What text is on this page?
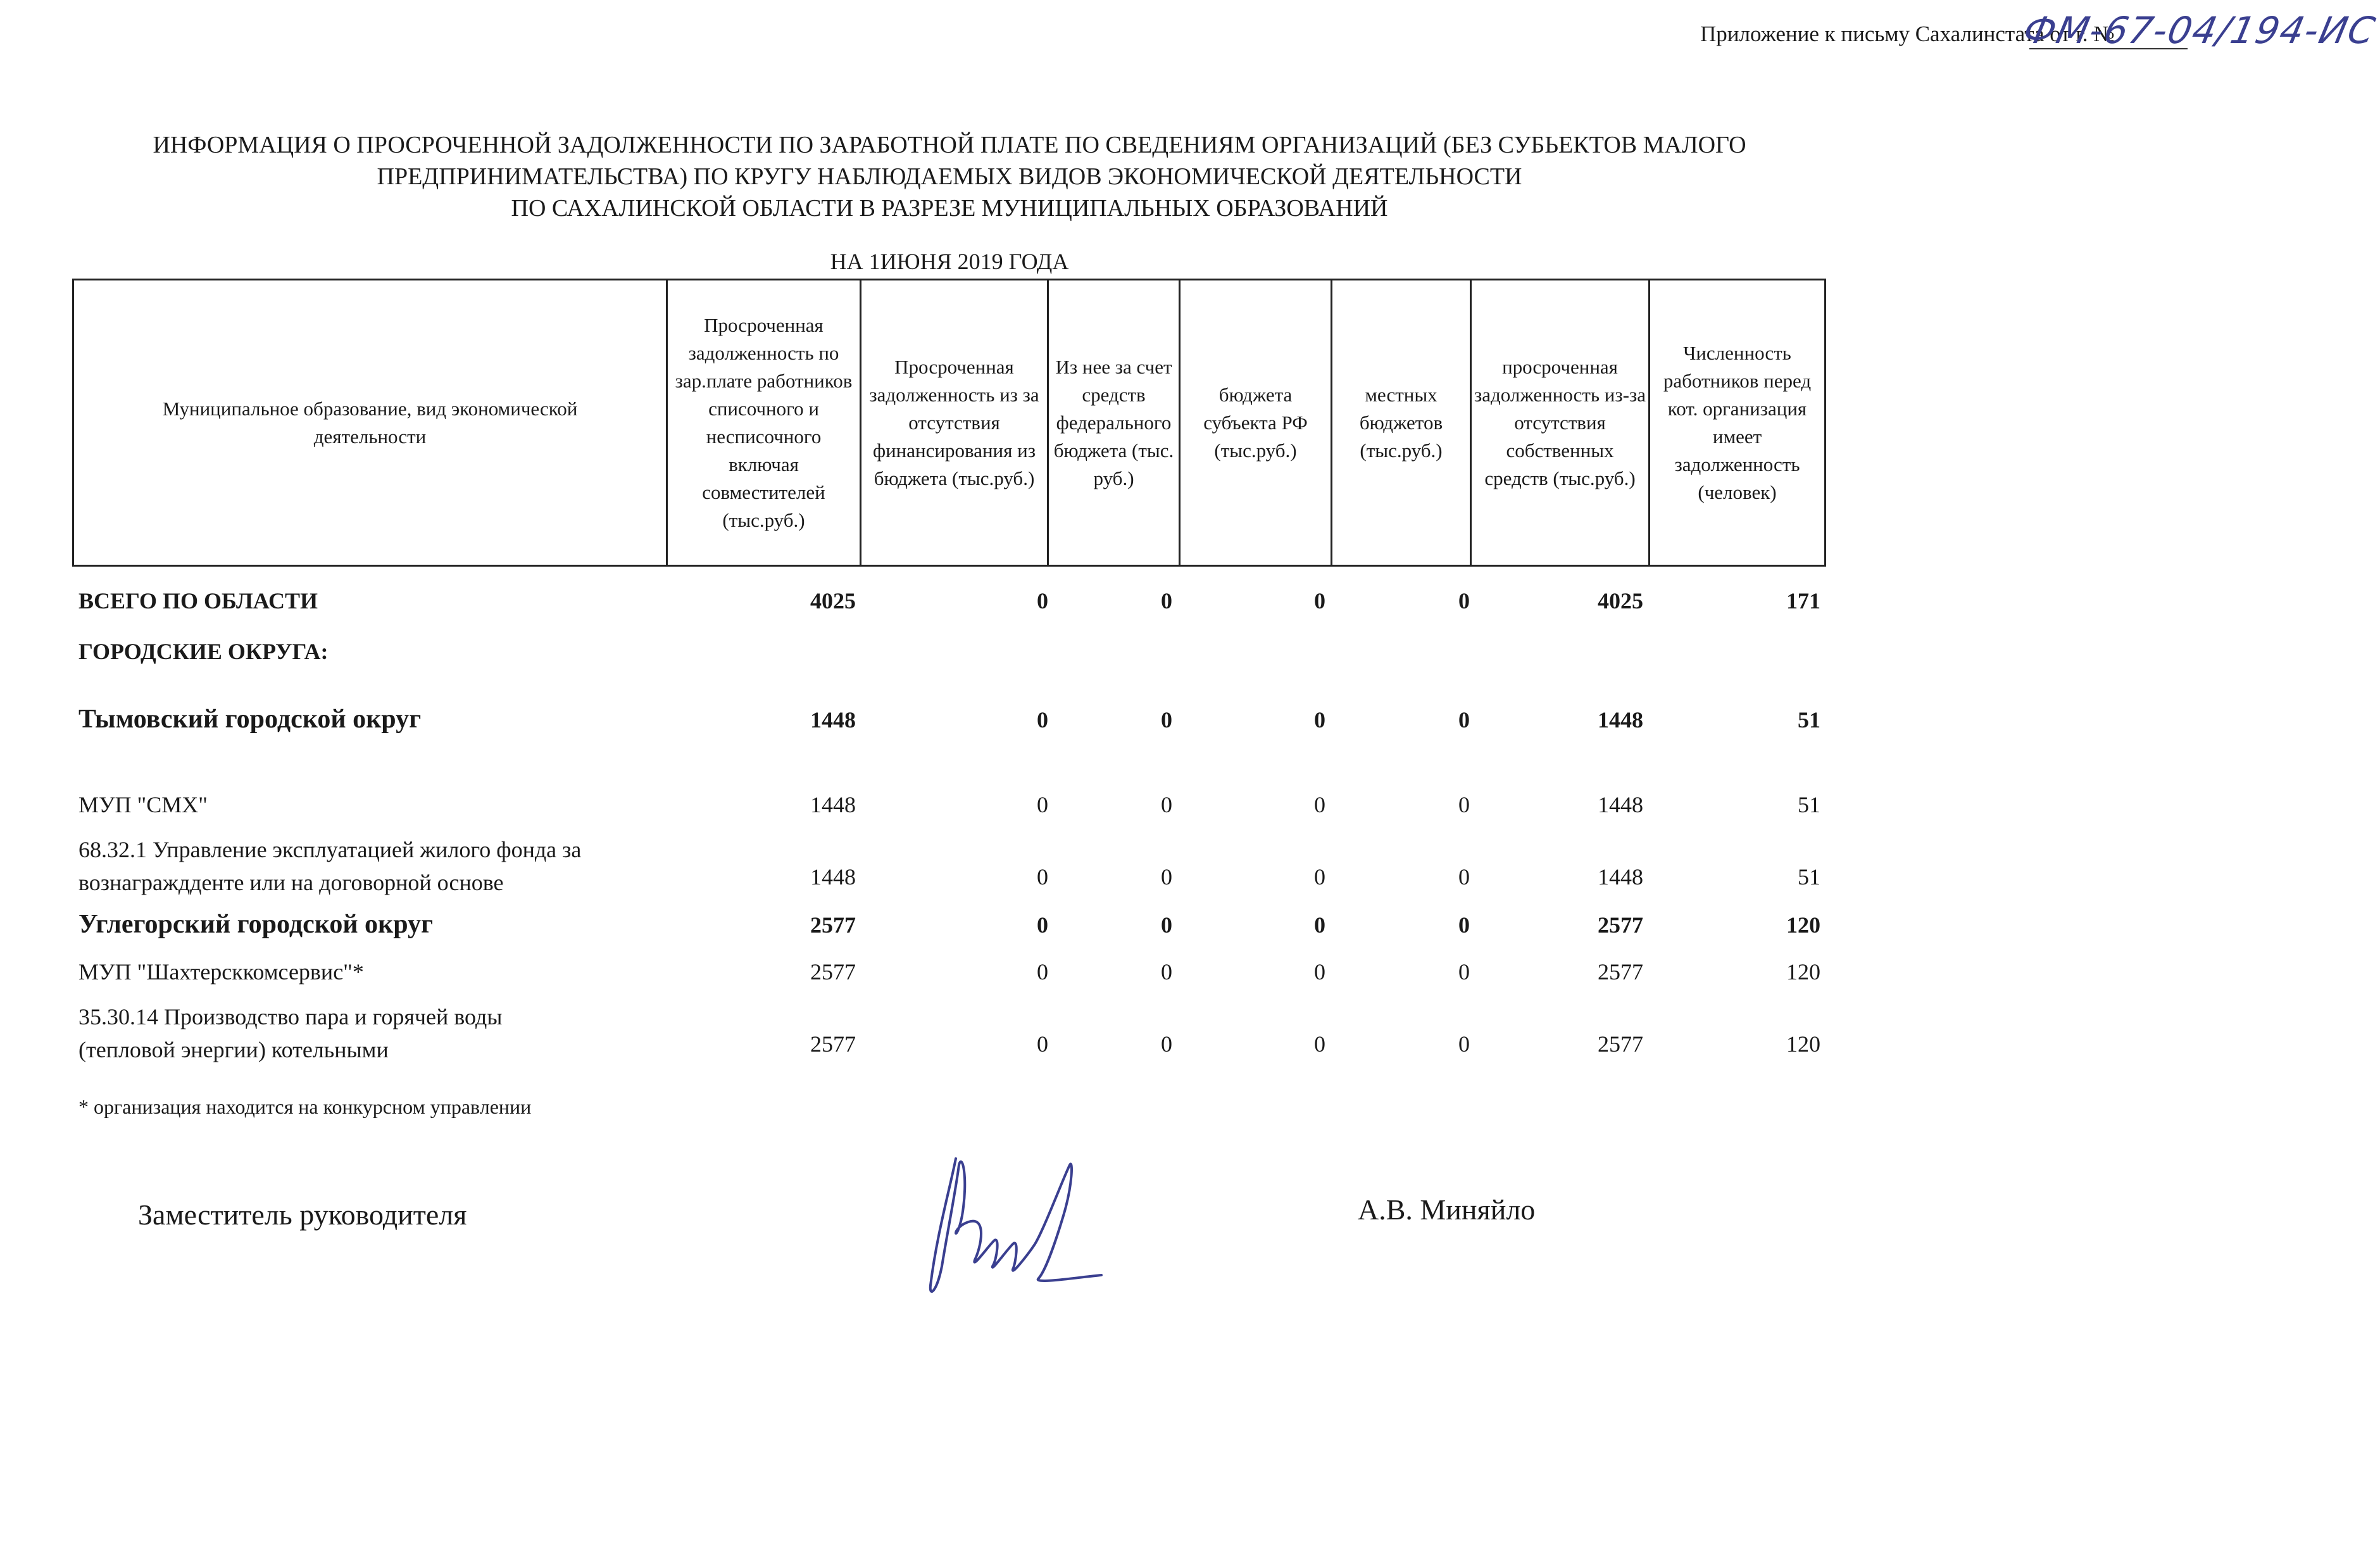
Приложение к письму Сахалинстата от г. №
ФМ-67-04/194-ИС
ИНФОРМАЦИЯ О ПРОСРОЧЕННОЙ ЗАДОЛЖЕННОСТИ ПО ЗАРАБОТНОЙ ПЛАТЕ ПО СВЕДЕНИЯМ ОРГАНИЗАЦИЙ (БЕЗ СУБЬЕКТОВ МАЛОГО
ПРЕДПРИНИМАТЕЛЬСТВА) ПО КРУГУ НАБЛЮДАЕМЫХ ВИДОВ ЭКОНОМИЧЕСКОЙ ДЕЯТЕЛЬНОСТИ
ПО САХАЛИНСКОЙ ОБЛАСТИ В РАЗРЕЗЕ МУНИЦИПАЛЬНЫХ ОБРАЗОВАНИЙ
НА 1ИЮНЯ 2019 ГОДА
Муниципальное образование, вид экономической деятельности	Просроченная задолженность по зар.плате работников списочного и несписочного включая совместителей (тыс.руб.)	Просроченная задолженность из за отсутствия финансирования из бюджета (тыс.руб.)	Из нее за счет средств федерального бюджета (тыс. руб.)	бюджета субъекта РФ (тыс.руб.)	местных бюджетов (тыс.руб.)	просроченная задолженность из-за отсутствия собственных средств (тыс.руб.)	Численность работников перед кот. организация имеет задолженность (человек)
ВСЕГО ПО ОБЛАСТИ	4025	0	0	0	0	4025	171
ГОРОДСКИЕ ОКРУГА:
Тымовский городской округ	1448	0	0	0	0	1448	51
МУП "СМХ"	1448	0	0	0	0	1448	51
68.32.1 Управление эксплуатацией жилого фонда за
вознаграждденте или на договорной основе	1448	0	0	0	0	1448	51
Углегорский городской округ	2577	0	0	0	0	2577	120
МУП "Шахтерсккомсервис"*	2577	0	0	0	0	2577	120
35.30.14 Производство пара и горячей воды
(тепловой энергии) котельными	2577	0	0	0	0	2577	120
* организация находится на конкурсном управлении
Заместитель руководителя	А.В. Миняйло
